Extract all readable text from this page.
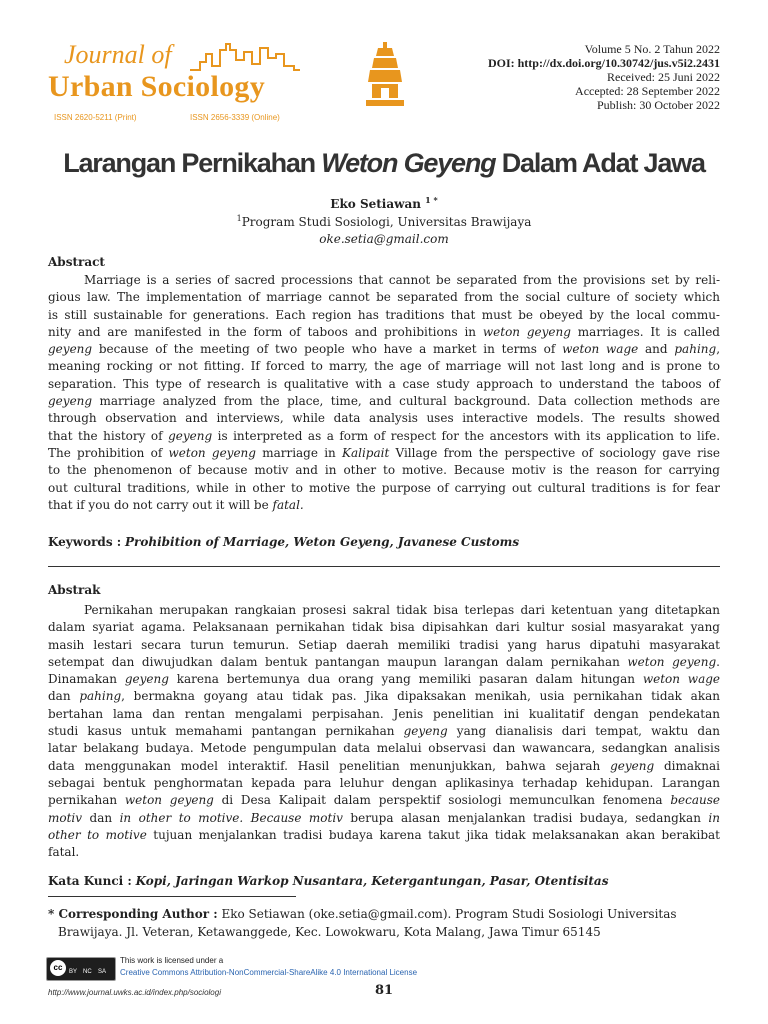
Journal of
Urban Sociology
ISSN 2620-5211 (Print)	ISSN 2656-3339 (Online)
Volume 5 No. 2 Tahun 2022
DOI: http://dx.doi.org/10.30742/jus.v5i2.2431
Received: 25 Juni 2022
Accepted: 28 September 2022
Publish: 30 October 2022
Larangan Pernikahan Weton Geyeng Dalam Adat Jawa
Eko Setiawan $^{1 *}$
$^1$Program Studi Sosiologi, Universitas Brawijaya
oke.setia@gmail.com
Abstract
Marriage is a series of sacred processions that cannot be separated from the provisions set by reli-
gious law. The implementation of marriage cannot be separated from the social culture of society which
is still sustainable for generations. Each region has traditions that must be obeyed by the local commu-
nity and are manifested in the form of taboos and prohibitions in weton geyeng marriages. It is called
geyeng because of the meeting of two people who have a market in terms of weton wage and pahing,
meaning rocking or not fitting. If forced to marry, the age of marriage will not last long and is prone to
separation. This type of research is qualitative with a case study approach to understand the taboos of
geyeng marriage analyzed from the place, time, and cultural background. Data collection methods are
through observation and interviews, while data analysis uses interactive models. The results showed
that the history of geyeng is interpreted as a form of respect for the ancestors with its application to life.
The prohibition of weton geyeng marriage in Kalipait Village from the perspective of sociology gave rise
to the phenomenon of because motiv and in other to motive. Because motiv is the reason for carrying
out cultural traditions, while in other to motive the purpose of carrying out cultural traditions is for fear
that if you do not carry out it will be fatal.
Keywords : Prohibition of Marriage, Weton Geyeng, Javanese Customs
Abstrak
Pernikahan merupakan rangkaian prosesi sakral tidak bisa terlepas dari ketentuan yang ditetapkan
dalam syariat agama. Pelaksanaan pernikahan tidak bisa dipisahkan dari kultur sosial masyarakat yang
masih lestari secara turun temurun. Setiap daerah memiliki tradisi yang harus dipatuhi masyarakat
setempat dan diwujudkan dalam bentuk pantangan maupun larangan dalam pernikahan weton geyeng.
Dinamakan geyeng karena bertemunya dua orang yang memiliki pasaran dalam hitungan weton wage
dan pahing, bermakna goyang atau tidak pas. Jika dipaksakan menikah, usia pernikahan tidak akan
bertahan lama dan rentan mengalami perpisahan. Jenis penelitian ini kualitatif dengan pendekatan
studi kasus untuk memahami pantangan pernikahan geyeng yang dianalisis dari tempat, waktu dan
latar belakang budaya. Metode pengumpulan data melalui observasi dan wawancara, sedangkan analisis
data menggunakan model interaktif. Hasil penelitian menunjukkan, bahwa sejarah geyeng dimaknai
sebagai bentuk penghormatan kepada para leluhur dengan aplikasinya terhadap kehidupan. Larangan
pernikahan weton geyeng di Desa Kalipait dalam perspektif sosiologi memunculkan fenomena because
motiv dan in other to motive. Because motiv berupa alasan menjalankan tradisi budaya, sedangkan in
other to motive tujuan menjalankan tradisi budaya karena takut jika tidak melaksanakan akan berakibat
fatal.
Kata Kunci : Kopi, Jaringan Warkop Nusantara, Ketergantungan, Pasar, Otentisitas
* Corresponding Author : Eko Setiawan (oke.setia@gmail.com). Program Studi Sosiologi Universitas
Brawijaya. Jl. Veteran, Ketawanggede, Kec. Lowokwaru, Kota Malang, Jawa Timur 65145
cc	BY NC SA
This work is licensed under a
Creative Commons Attribution-NonCommercial-ShareAlike 4.0 International License
http://www.journal.uwks.ac.id/index.php/sociologi	81
